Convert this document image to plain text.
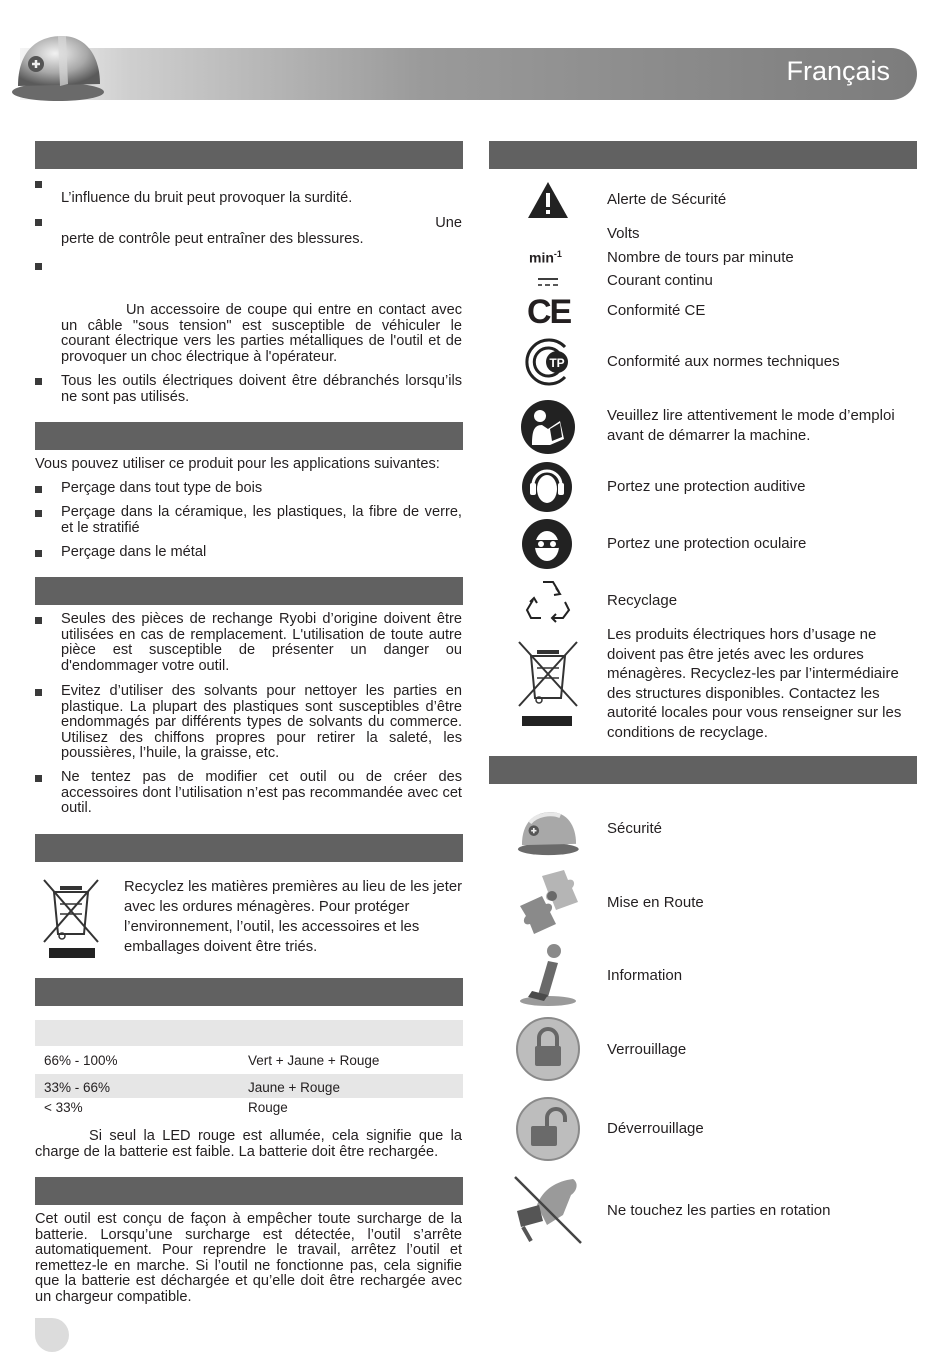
Français
L’influence du bruit peut provoquer la surdité.
Une
perte de contrôle peut entraîner des blessures.
Un accessoire de coupe qui entre en contact avec un câble "sous tension" est susceptible de véhiculer le courant électrique vers les parties métalliques de l'outil et de provoquer un choc électrique à l'opérateur.
Tous les outils électriques doivent être débranchés lorsqu’ils ne sont pas utilisés.
Vous pouvez utiliser ce produit pour les applications suivantes:
Perçage dans tout type de bois
Perçage dans la céramique, les plastiques, la fibre de verre, et le stratifié
Perçage dans le métal
Seules des pièces de rechange Ryobi d’origine doivent être utilisées en cas de remplacement. L'utilisation de toute autre pièce est susceptible de présenter un danger ou d'endommager votre outil.
Evitez d’utiliser des solvants pour nettoyer les parties en plastique. La plupart des plastiques sont susceptibles d’être endommagés par différents types de solvants du commerce. Utilisez des chiffons propres pour retirer la saleté, les poussières, l’huile, la graisse, etc.
Ne tentez pas de modifier cet outil ou de créer des accessoires dont l’utilisation n’est pas recommandée avec cet outil.
Recyclez les matières premières au lieu de les jeter avec les ordures ménagères. Pour protéger l’environnement, l’outil, les accessoires et les emballages doivent être triés.
66% - 100%	Vert + Jaune + Rouge
33% - 66%	Jaune + Rouge
< 33%	Rouge
Si seul la LED rouge est allumée, cela signifie que la charge de la batterie est faible. La batterie doit être rechargée.
Cet outil est conçu de façon à empêcher toute surcharge de la batterie. Lorsqu’une surcharge est détectée, l’outil s’arrête automatiquement. Pour reprendre le travail, arrêtez l’outil et remettez-le en marche. Si l’outil ne fonctionne pas, cela signifie que la batterie est déchargée et qu’elle doit être rechargée avec un chargeur compatible.
Alerte de Sécurité
Volts
$\min^{-1}$	Nombre de tours par minute
Courant continu
CE Conformité CE
TP	Conformité aux normes techniques
Veuillez lire attentivement le mode d’emploi avant de démarrer la machine.
Portez une protection auditive
Portez une protection oculaire
Recyclage
Les produits électriques hors d’usage ne doivent pas être jetés avec les ordures ménagères. Recyclez-les par l’intermédiaire des structures disponibles. Contactez les autorité locales pour vous renseigner sur les conditions de recyclage.
Sécurité
Mise en Route
Information
Verrouillage
Déverrouillage
Ne touchez les parties en rotation
